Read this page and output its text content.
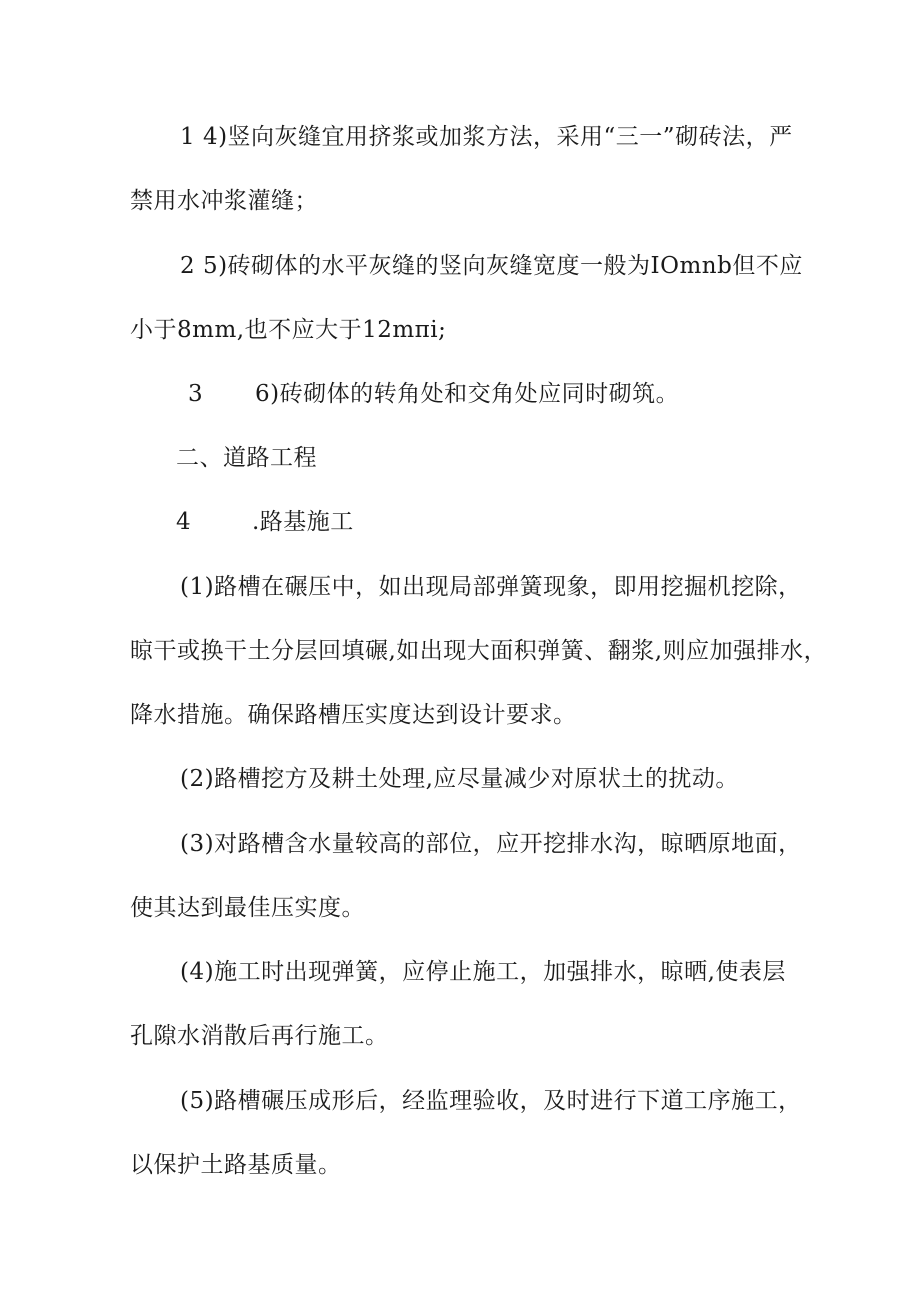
1 4)竖向灰缝宜用挤浆或加浆方法，采用“三一”砌砖法，严
禁用水冲浆灌缝；
2 5)砖砌体的水平灰缝的竖向灰缝宽度一般为IOmnb但不应
小于8mm,也不应大于12mπi;
3	6)砖砌体的转角处和交角处应同时砌筑。
二、道路工程
4	.路基施工
(1)路槽在碾压中，如出现局部弹簧现象，即用挖掘机挖除，
晾干或换干土分层回填碾,如出现大面积弹簧、翻浆,则应加强排水，
降水措施。确保路槽压实度达到设计要求。
(2)路槽挖方及耕土处理,应尽量减少对原状土的扰动。
(3)对路槽含水量较高的部位，应开挖排水沟，晾晒原地面，
使其达到最佳压实度。
(4)施工时出现弹簧，应停止施工，加强排水，晾晒,使表层
孔隙水消散后再行施工。
(5)路槽碾压成形后，经监理验收，及时进行下道工序施工，
以保护土路基质量。
